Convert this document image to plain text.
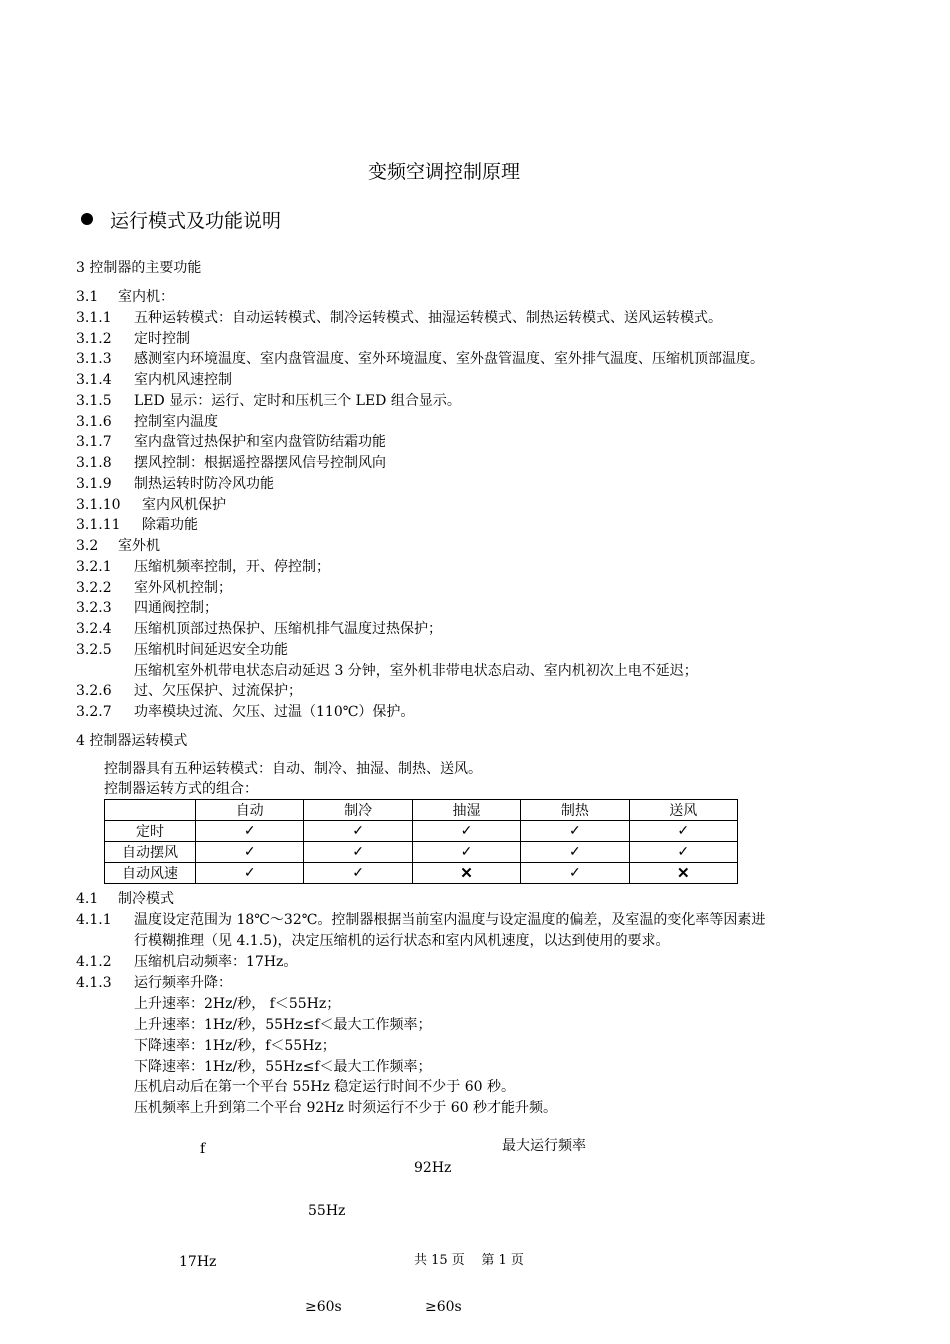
变频空调控制原理
运行模式及功能说明
3 控制器的主要功能
3.1 室内机：
3.1.1 五种运转模式：自动运转模式、制冷运转模式、抽湿运转模式、制热运转模式、送风运转模式。
3.1.2 定时控制
3.1.3 感测室内环境温度、室内盘管温度、室外环境温度、室外盘管温度、室外排气温度、压缩机顶部温度。
3.1.4 室内机风速控制
3.1.5 LED 显示：运行、定时和压机三个 LED 组合显示。
3.1.6 控制室内温度
3.1.7 室内盘管过热保护和室内盘管防结霜功能
3.1.8 摆风控制：根据遥控器摆风信号控制风向
3.1.9 制热运转时防冷风功能
3.1.10 室内风机保护
3.1.11 除霜功能
3.2 室外机
3.2.1 压缩机频率控制，开、停控制；
3.2.2 室外风机控制；
3.2.3 四通阀控制；
3.2.4 压缩机顶部过热保护、压缩机排气温度过热保护；
3.2.5 压缩机时间延迟安全功能
压缩机室外机带电状态启动延迟 3 分钟，室外机非带电状态启动、室内机初次上电不延迟；
3.2.6 过、欠压保护、过流保护；
3.2.7 功率模块过流、欠压、过温（110℃）保护。
4 控制器运转模式
控制器具有五种运转模式：自动、制冷、抽湿、制热、送风。
控制器运转方式的组合：
	自动	制冷	抽湿	制热	送风
定时	✓	✓	✓	✓	✓
自动摆风	✓	✓	✓	✓	✓
自动风速	✓	✓	✕	✓	✕
4.1 制冷模式
4.1.1 温度设定范围为 18℃～32℃。控制器根据当前室内温度与设定温度的偏差，及室温的变化率等因素进
行模糊推理（见 4.1.5)，决定压缩机的运行状态和室内风机速度，以达到使用的要求。
4.1.2 压缩机启动频率：17Hz。
4.1.3 运行频率升降：
上升速率：2Hz/秒， f＜55Hz；
上升速率：1Hz/秒，55Hz≤f＜最大工作频率；
下降速率：1Hz/秒，f＜55Hz；
下降速率：1Hz/秒，55Hz≤f＜最大工作频率；
压机启动后在第一个平台 55Hz 稳定运行时间不少于 60 秒。
压机频率上升到第二个平台 92Hz 时须运行不少于 60 秒才能升频。
f	最大运行频率
92Hz
55Hz
17Hz	共 15 页    第 1 页
≥60s	≥60s
